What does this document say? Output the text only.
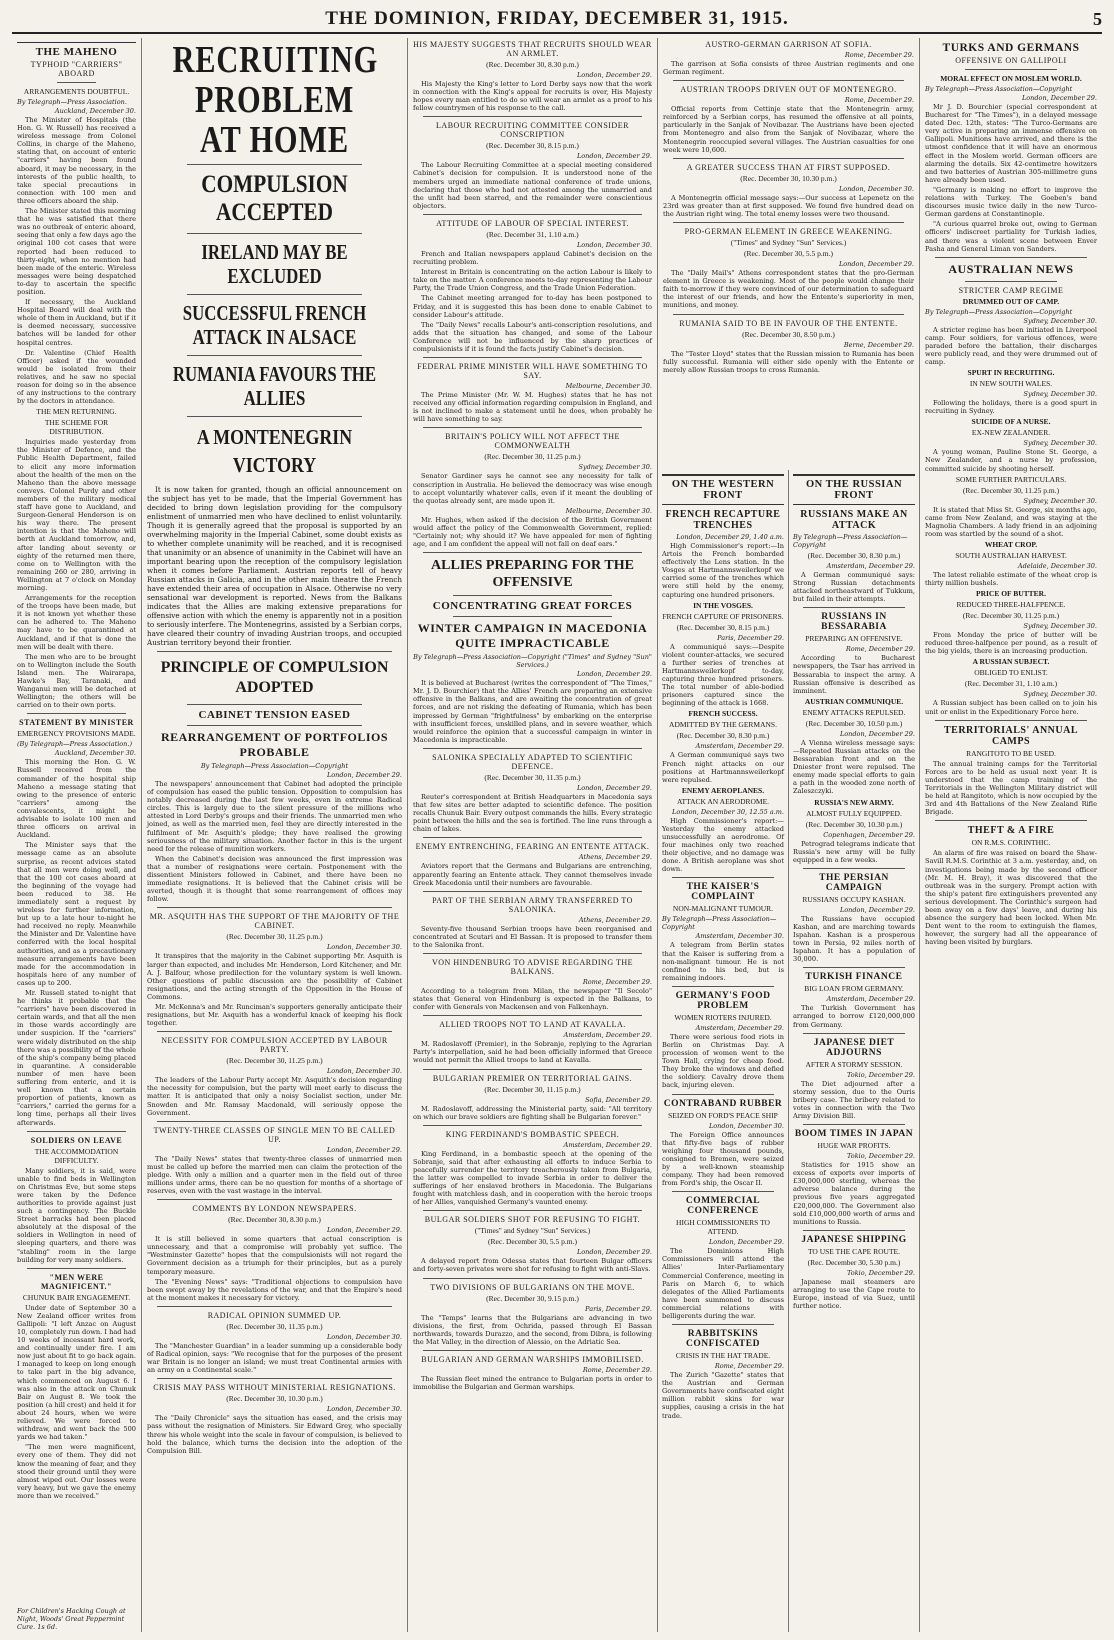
THE DOMINION, FRIDAY, DECEMBER 31, 1915.	5
THE MAHENO
TYPHOID "CARRIERS" ABOARD
ARRANGEMENTS DOUBTFUL.
By Telegraph—Press Association.
Auckland, December 30.

The Minister of Hospitals (the Hon. G. W. Russell) has received a wireless message from Colonel Collins, in charge of the Maheno, stating that, on account of enteric "carriers" having been found aboard, it may be necessary, in the interests of the public health, to take special precautions in connection with 100 men and three officers aboard the ship.

The Minister stated this morning that he was satisfied that there was no outbreak of enteric aboard, seeing that only a few days ago the original 100 cot cases that were reported had been reduced to thirty-eight, when no mention had been made of the enteric. Wireless messages were being despatched to-day to ascertain the specific position.

If necessary, the Auckland Hospital Board will deal with the whole of them in Auckland, but if it is deemed necessary, successive batches will be landed for other hospital centres.

Dr. Valentine (Chief Health Officer) asked if the wounded would be isolated from their relatives, and he saw no special reason for doing so in the absence of any instructions to the contrary by the doctors in attendance.

THE MEN RETURNING.
THE SCHEME FOR DISTRIBUTION.

Inquiries made yesterday from the Minister of Defence, and the Public Health Department, failed to elicit any more information about the health of the men on the Maheno than the above message conveys. Colonel Purdy and other members of the military medical staff have gone to Auckland, and Surgeon-General Henderson is on his way there. The present intention is that the Maheno will berth at Auckland tomorrow, and, after landing about seventy or eighty of the returned men there, come on to Wellington with the remaining 260 or 280, arriving in Wellington at 7 o'clock on Monday morning.

Arrangements for the reception of the troops have been made, but it is not known yet whether these can be adhered to. The Maheno may have to be quarantined at Auckland, and if that is done the men will be dealt with there.

The men who are to be brought on to Wellington include the South Island men. The Wairarapa, Hawke's Bay, Taranaki, and Wanganui men will be detached at Wellington; the others will be carried on to their own ports.

STATEMENT BY MINISTER
EMERGENCY PROVISIONS MADE.
(By Telegraph—Press Association.)
Auckland, December 30.

This morning the Hon. G. W. Russell received from the commander of the hospital ship Maheno a message stating that owing to the presence of enteric "carriers" among the convalescents, it might be advisable to isolate 100 men and three officers on arrival in Auckland.

The Minister says that the message came as an absolute surprise, as recent advices stated that all men were doing well, and that the 100 cot cases aboard at the beginning of the voyage had been reduced to 38. He immediately sent a request by wireless for further information, but up to a late hour to-night he had received no reply. Meanwhile the Minister and Dr. Valentine have conferred with the local hospital authorities, and as a precautionary measure arrangements have been made for the accommodation in hospitals here of any number of cases up to 200.

Mr. Russell stated to-night that he thinks it probable that the "carriers" have been discovered in certain wards, and that all the men in those wards accordingly are under suspicion. If the "carriers" were widely distributed on the ship there was a possibility of the whole of the ship's company being placed in quarantine. A considerable number of men have been suffering from enteric, and it is well known that a certain proportion of patients, known as "carriers," carried the germs for a long time, perhaps all their lives afterwards.

SOLDIERS ON LEAVE
THE ACCOMMODATION DIFFICULTY.

Many soldiers, it is said, were unable to find beds in Wellington on Christmas Eve, but some steps were taken by the Defence authorities to provide against just such a contingency. The Buckle Street barracks had been placed absolutely at the disposal of the soldiers in Wellington in need of sleeping quarters, and there was "stabling" room in the large building for very many soldiers.

"MEN WERE MAGNIFICENT."
CHUNUK BAIR ENGAGEMENT.

Under date of September 30 a New Zealand officer writes from Gallipoli: "I left Anzac on August 10, completely run down. I had had 10 weeks of incessant hard work, and continually under fire. I am now just about fit to go back again. I managed to keep on long enough to take part in the big advance, which commenced on August 6. I was also in the attack on Chunuk Bair on August 8. We took the position (a hill crest) and held it for about 24 hours, when we were relieved. We were forced to withdraw, and went back the 500 yards we had taken."

"The men were magnificent, every one of them. They did not know the meaning of fear, and they stood their ground until they were almost wiped out. Our losses were very heavy, but we gave the enemy more than we received."

For Children's Hacking Cough at Night, Woods' Great Peppermint Cure. 1s 6d.
RECRUITING PROBLEM AT HOME
COMPULSION ACCEPTED
IRELAND MAY BE EXCLUDED
SUCCESSFUL FRENCH ATTACK IN ALSACE
RUMANIA FAVOURS THE ALLIES
A MONTENEGRIN VICTORY

It is now taken for granted, though an official announcement on the subject has yet to be made, that the Imperial Government has decided to bring down legislation providing for the compulsory enlistment of unmarried men who have declined to enlist voluntarily. Though it is generally agreed that the proposal is supported by an overwhelming majority in the Imperial Cabinet, some doubt exists as to whether complete unanimity will be reached, and it is recognised that unanimity or an absence of unanimity in the Cabinet will have an important bearing upon the reception of the compulsory legislation when it comes before Parliament. Austrian reports tell of heavy Russian attacks in Galicia, and in the other main theatre the French have extended their area of occupation in Alsace. Otherwise no very sensational war development is reported. News from the Balkans indicates that the Allies are making extensive preparations for offensive action with which the enemy is apparently not in a position to seriously interfere. The Montenegrins, assisted by a Serbian corps, have cleared their country of invading Austrian troops, and occupied Austrian territory beyond their frontier.

PRINCIPLE OF COMPULSION ADOPTED
CABINET TENSION EASED
REARRANGEMENT OF PORTFOLIOS PROBABLE
By Telegraph—Press Association—Copyright
London, December 29.

The newspapers' announcement that Cabinet had adopted the principle of compulsion has eased the public tension. Opposition to compulsion has notably decreased during the last few weeks, even in extreme Radical circles. This is largely due to the silent pressure of the millions who attested in Lord Derby's groups and their friends. The unmarried men who joined, as well as the married men, feel they are directly interested in the fulfilment of Mr. Asquith's pledge; they have realised the growing seriousness of the military situation. Another factor in this is the urgent need for the release of munition workers.

When the Cabinet's decision was announced the first impression was that a number of resignations were certain. Postponement with the dissentient Ministers followed in Cabinet, and there have been no immediate resignations. It is believed that the Cabinet crisis will be averted, though it is thought that some rearrangement of offices may follow.

MR. ASQUITH HAS THE SUPPORT OF THE MAJORITY OF THE CABINET.
(Rec. December 30, 11.25 p.m.)
London, December 30.

It transpires that the majority in the Cabinet supporting Mr. Asquith is larger than expected, and includes Mr. Henderson, Lord Kitchener, and Mr. A. J. Balfour, whose predilection for the voluntary system is well known. Other questions of public discussion are the possibility of Cabinet resignations, and the acting strength of the Opposition in the House of Commons.

Mr. McKenna's and Mr. Runciman's supporters generally anticipate their resignations, but Mr. Asquith has a wonderful knack of keeping his flock together.

NECESSITY FOR COMPULSION ACCEPTED BY LABOUR PARTY.
(Rec. December 30, 11.25 p.m.)
London, December 30.

The leaders of the Labour Party accept Mr. Asquith's decision regarding the necessity for compulsion, but the party will meet early to discuss the matter. It is anticipated that only a noisy Socialist section, under Mr. Snowden and Mr. Ramsay Macdonald, will seriously oppose the Government.

TWENTY-THREE CLASSES OF SINGLE MEN TO BE CALLED UP.
London, December 29.

The "Daily News" states that twenty-three classes of unmarried men must be called up before the married men can claim the protection of the pledge. With only a million and a quarter men in the field out of three millions under arms, there can be no question for months of a shortage of reserves, even with the vast wastage in the interval.

COMMENTS BY LONDON NEWSPAPERS.
(Rec. December 30, 8.30 p.m.)
London, December 29.

It is still believed in some quarters that actual conscription is unnecessary, and that a compromise will probably yet suffice. The "Westminster Gazette" hopes that the compulsionists will not regard the Government decision as a triumph for their principles, but as a purely temporary measure.

The "Evening News" says: "Traditional objections to compulsion have been swept away by the revelations of the war, and that the Empire's need at the moment makes it necessary for victory.

RADICAL OPINION SUMMED UP.
(Rec. December 30, 11.35 p.m.)
London, December 30.

The "Manchester Guardian" in a leader summing up a considerable body of Radical opinion, says: "We recognise that for the purposes of the present war Britain is no longer an island; we must treat Continental armies with an army on a Continental scale."

CRISIS MAY PASS WITHOUT MINISTERIAL RESIGNATIONS.
(Rec. December 30, 10.30 p.m.)
London, December 30.

The "Daily Chronicle" says the situation has eased, and the crisis may pass without the resignation of Ministers. Sir Edward Grey, who specially threw his whole weight into the scale in favour of compulsion, is believed to hold the balance, which turns the decision into the adoption of the Compulsion Bill.

HIS MAJESTY SUGGESTS THAT RECRUITS SHOULD WEAR AN ARMLET.
(Rec. December 30, 8.30 p.m.)
London, December 29.

His Majesty the King's letter to Lord Derby says now that the work in connection with the King's appeal for recruits is over, His Majesty hopes every man entitled to do so will wear an armlet as a proof to his fellow countrymen of his response to the call.

LABOUR RECRUITING COMMITTEE CONSIDER CONSCRIPTION
(Rec. December 30, 8.15 p.m.)
London, December 29.

The Labour Recruiting Committee at a special meeting considered Cabinet's decision for compulsion. It is understood none of the members urged an immediate national conference of trade unions, declaring that those who had not attested among the unmarried and the unfit had been starred, and the remainder were conscientious objectors.

ATTITUDE OF LABOUR OF SPECIAL INTEREST.
(Rec. December 31, 1.10 a.m.)
London, December 30.

French and Italian newspapers applaud Cabinet's decision on the recruiting problem.

Interest in Britain is concentrating on the action Labour is likely to take on the matter. A conference meets to-day representing the Labour Party, the Trade Union Congress, and the Trade Union Federation.

The Cabinet meeting arranged for to-day has been postponed to Friday, and it is suggested this has been done to enable Cabinet to consider Labour's attitude.

The "Daily News" recalls Labour's anti-conscription resolutions, and adds that the situation has changed, and some of the Labour Conference will not be influenced by the sharp practices of compulsionists if it is found the facts justify Cabinet's decision.

FEDERAL PRIME MINISTER WILL HAVE SOMETHING TO SAY.
Melbourne, December 30.

The Prime Minister (Mr. W. M. Hughes) states that he has not received any official information regarding compulsion in England, and is not inclined to make a statement until he does, when probably he will have something to say.

BRITAIN'S POLICY WILL NOT AFFECT THE COMMONWEALTH
(Rec. December 30, 11.25 p.m.)
Sydney, December 30.

Senator Gardiner says he cannot see any necessity for talk of conscription in Australia. He believed the democracy was wise enough to accept voluntarily whatever calls, even if it meant the doubling of the quotas already sent, are made upon it.

Melbourne, December 30.

Mr. Hughes, when asked if the decision of the British Government would affect the policy of the Commonwealth Government, replied: "Certainly not; why should it? We have appealed for men of fighting age, and I am confident the appeal will not fall on deaf ears."

ALLIES PREPARING FOR THE OFFENSIVE
CONCENTRATING GREAT FORCES
WINTER CAMPAIGN IN MACEDONIA QUITE IMPRACTICABLE
By Telegraph—Press Association—Copyright ("Times" and Sydney "Sun" Services.)
London, December 29.

It is believed at Bucharest (writes the correspondent of "The Times," Mr. J. D. Bourchier) that the Allies' French are preparing an extensive offensive in the Balkans, and are awaiting the concentration of great forces, and are not risking the defeating of Rumania, which has been impressed by German "frightfulness" by embarking on the enterprise with insufficient forces, unskilled plans, and in severe weather, which would reinforce the opinion that a successful campaign in winter in Macedonia is impracticable.

SALONIKA SPECIALLY ADAPTED TO SCIENTIFIC DEFENCE.
(Rec. December 30, 11.35 p.m.)
London, December 29.

Reuter's correspondent at British Headquarters in Macedonia says that few sites are better adapted to scientific defence. The position recalls Chunuk Bair. Every outpost commands the hills. Every strategic point between the hills and the sea is fortified. The line runs through a chain of lakes.

ENEMY ENTRENCHING, FEARING AN ENTENTE ATTACK.
Athens, December 29.

Aviators report that the Germans and Bulgarians are entrenching, apparently fearing an Entente attack. They cannot themselves invade Greek Macedonia until their numbers are favourable.

PART OF THE SERBIAN ARMY TRANSFERRED TO SALONIKA.
Athens, December 29.

Seventy-five thousand Serbian troops have been reorganised and concentrated at Scutari and El Bassan. It is proposed to transfer them to the Salonika front.

VON HINDENBURG TO ADVISE REGARDING THE BALKANS.
Rome, December 29.

According to a telegram from Milan, the newspaper "Il Secolo" states that General von Hindenburg is expected in the Balkans, to confer with Generals von Mackensen and von Falkenhayn.

ALLIED TROOPS NOT TO LAND AT KAVALLA.
Amsterdam, December 29.

M. Radoslavoff (Premier), in the Sobranje, replying to the Agrarian Party's interpellation, said he had been officially informed that Greece would not permit the Allied troops to land at Kavalla.

BULGARIAN PREMIER ON TERRITORIAL GAINS.
(Rec. December 30, 11.15 p.m.)
Sofia, December 29.

M. Radoslavoff, addressing the Ministerial party, said: "All territory on which our brave soldiers are fighting shall be Bulgarian forever."

KING FERDINAND'S BOMBASTIC SPEECH.
Amsterdam, December 29.

King Ferdinand, in a bombastic speech at the opening of the Sobranje, said that after exhausting all efforts to induce Serbia to peacefully surrender the territory treacherously taken from Bulgaria, the latter was compelled to invade Serbia in order to deliver the sufferings of her enslaved brothers in Macedonia. The Bulgarians fought with matchless dash, and in cooperation with the heroic troops of her Allies, vanquished Germany's vaunted enemy.

BULGAR SOLDIERS SHOT FOR REFUSING TO FIGHT.
("Times" and Sydney "Sun" Services.)
(Rec. December 30, 5.5 p.m.)
London, December 29.

A delayed report from Odessa states that fourteen Bulgar officers and forty-seven privates were shot for refusing to fight with anti-Slavs.

TWO DIVISIONS OF BULGARIANS ON THE MOVE.
(Rec. December 30, 9.15 p.m.)
Paris, December 29.

The "Temps" learns that the Bulgarians are advancing in two divisions, the first, from Ochrida, passed through El Bassan northwards, towards Durazzo, and the second, from Dibra, is following the Mat Valley, in the direction of Alessio, on the Adriatic Sea.

BULGARIAN AND GERMAN WARSHIPS IMMOBILISED.
Rome, December 29.

The Russian fleet mined the entrance to Bulgarian ports in order to immobilise the Bulgarian and German warships.

AUSTRO-GERMAN GARRISON AT SOFIA.
Rome, December 29.

The garrison at Sofia consists of three Austrian regiments and one German regiment.

AUSTRIAN TROOPS DRIVEN OUT OF MONTENEGRO.
Rome, December 29.

Official reports from Cettinje state that the Montenegrin army, reinforced by a Serbian corps, has resumed the offensive at all points, particularly in the Sanjak of Novibazar. The Austrians have been ejected from Montenegro and also from the Sanjak of Novibazar, where the Montenegrin reoccupied several villages. The Austrian casualties for one week were 10,600.

A GREATER SUCCESS THAN AT FIRST SUPPOSED.
(Rec. December 30, 10.30 p.m.)
London, December 30.

A Montenegrin official message says:—Our success at Lepenetz on the 23rd was greater than at first supposed. We found five hundred dead on the Austrian right wing. The total enemy losses were two thousand.

PRO-GERMAN ELEMENT IN GREECE WEAKENING.
("Times" and Sydney "Sun" Services.)
(Rec. December 30, 5.5 p.m.)
London, December 29.

The "Daily Mail's" Athens correspondent states that the pro-German element in Greece is weakening. Most of the people would change their faith to-morrow if they were convinced of our determination to safeguard the interest of our friends, and how the Entente's superiority in men, munitions, and money.

RUMANIA SAID TO BE IN FAVOUR OF THE ENTENTE.
(Rec. December 30, 8.50 p.m.)
Berne, December 29.

The "Tester Lloyd" states that the Russian mission to Rumania has been fully successful. Rumania will either side openly with the Entente or merely allow Russian troops to cross Rumania.

ON THE WESTERN FRONT
FRENCH RECAPTURE TRENCHES
London, December 29, 1.40 a.m.

High Commissioner's report:—In Artois the French bombarded effectively the Lens station. In the Vosges at Hartmannsweilerkopf we carried some of the trenches which were still held by the enemy, capturing one hundred prisoners.

IN THE VOSGES.
FRENCH CAPTURE OF PRISONERS.
(Rec. December 30, 8.15 p.m.)
Paris, December 29.

A communiqué says:—Despite violent counter-attacks, we secured a further series of trenches at Hartmannsweilerkopf to-day, capturing three hundred prisoners. The total number of able-bodied prisoners captured since the beginning of the attack is 1668.

FRENCH SUCCESS.
ADMITTED BY THE GERMANS.
(Rec. December 30, 8.30 p.m.)
Amsterdam, December 29.

A German communiqué says two French night attacks on our positions at Hartmannsweilerkopf were repulsed.

ENEMY AEROPLANES.
ATTACK AN AERODROME.
London, December 30, 12.55 a.m.

High Commissioner's report:—Yesterday the enemy attacked unsuccessfully an aerodrome. Of four machines only two reached their objective, and no damage was done. A British aeroplane was shot down.

THE KAISER'S COMPLAINT
NON-MALIGNANT TUMOUR.
By Telegraph—Press Association—Copyright
Amsterdam, December 30.

A telegram from Berlin states that the Kaiser is suffering from a non-malignant tumour. He is not confined to his bed, but is remaining indoors.

GERMANY'S FOOD PROBLEM
WOMEN RIOTERS INJURED.
Amsterdam, December 29.

There were serious food riots in Berlin on Christmas Day. A procession of women went to the Town Hall, crying for cheap food. They broke the windows and defied the soldiery. Cavalry drove them back, injuring eleven.

CONTRABAND RUBBER
SEIZED ON FORD'S PEACE SHIP
London, December 30.

The Foreign Office announces that fifty-five bags of rubber weighing four thousand pounds, consigned to Bremen, were seized by a well-known steamship company. They had been removed from Ford's ship, the Oscar II.

COMMERCIAL CONFERENCE
HIGH COMMISSIONERS TO ATTEND.
London, December 29.

The Dominions High Commissioners will attend the Allies' Inter-Parliamentary Commercial Conference, meeting in Paris on March 6, to which delegates of the Allied Parliaments have been summoned to discuss commercial relations with belligerents during the war.

RABBITSKINS CONFISCATED
CRISIS IN THE HAT TRADE.
Rome, December 29.

The Zurich "Gazette" states that the Austrian and German Governments have confiscated eight million rabbit skins for war supplies, causing a crisis in the hat trade.

ON THE RUSSIAN FRONT
RUSSIANS MAKE AN ATTACK
By Telegraph—Press Association—Copyright
(Rec. December 30, 8.30 p.m.)
Amsterdam, December 29.

A German communiqué says: Strong Russian detachments attacked northeastward of Tukkum, but failed in their attempts.

RUSSIANS IN BESSARABIA
PREPARING AN OFFENSIVE.
Rome, December 29.

According to Bucharest newspapers, the Tsar has arrived in Bessarabia to inspect the army. A Russian offensive is described as imminent.

AUSTRIAN COMMUNIQUE.
ENEMY ATTACKS REPULSED.
(Rec. December 30, 10.50 p.m.)
London, December 29.

A Vienna wireless message says:—Repeated Russian attacks on the Bessarabian front and on the Dniester front were repulsed. The enemy made special efforts to gain a path in the wooded zone north of Zaleszczyki.

RUSSIA'S NEW ARMY.
ALMOST FULLY EQUIPPED.
(Rec. December 30, 10.30 p.m.)
Copenhagen, December 29.

Petrograd telegrams indicate that Russia's new army will be fully equipped in a few weeks.

THE PERSIAN CAMPAIGN
RUSSIANS OCCUPY KASHAN.
London, December 29.

The Russians have occupied Kashan, and are marching towards Ispahan. Kashan is a prosperous town in Persia, 92 miles north of Ispahan. It has a population of 30,000.

TURKISH FINANCE
BIG LOAN FROM GERMANY.
Amsterdam, December 29.

The Turkish Government has arranged to borrow £120,000,000 from Germany.

JAPANESE DIET ADJOURNS
AFTER A STORMY SESSION.
Tokio, December 29.

The Diet adjourned after a stormy session, due to the Ouris bribery case. The bribery related to votes in connection with the Two Army Division Bill.

BOOM TIMES IN JAPAN
HUGE WAR PROFITS.
Tokio, December 29.

Statistics for 1915 show an excess of exports over imports of £30,000,000 sterling, whereas the adverse balance during the previous five years aggregated £20,000,000. The Government also sold £10,000,000 worth of arms and munitions to Russia.

JAPANESE SHIPPING
TO USE THE CAPE ROUTE.
(Rec. December 30, 5.30 p.m.)
Tokio, December 29.

Japanese mail steamers are arranging to use the Cape route to Europe, instead of via Suez, until further notice.

TURKS AND GERMANS
OFFENSIVE ON GALLIPOLI
MORAL EFFECT ON MOSLEM WORLD.
By Telegraph—Press Association—Copyright
London, December 29.

Mr J. D. Bourchier (special correspondent at Bucharest for "The Times"), in a delayed message dated Dec. 12th, states: "The Turco-Germans are very active in preparing an immense offensive on Gallipoli. Munitions have arrived, and there is the utmost confidence that it will have an enormous effect in the Moslem world. German officers are alarming the details. Six 42-centimetre howitzers and two batteries of Austrian 305-millimetre guns have already been used.

"Germany is making no effort to improve the relations with Turkey. The Goeben's band discourses music twice daily in the new Turco-German gardens at Constantinople.

"A curious quarrel broke out, owing to German officers' indiscreet partiality for Turkish ladies, and there was a violent scene between Enver Pasha and General Liman von Sanders.

AUSTRALIAN NEWS
STRICTER CAMP REGIME
DRUMMED OUT OF CAMP.
By Telegraph—Press Association—Copyright
Sydney, December 30.

A stricter regime has been initiated in Liverpool camp. Four soldiers, for various offences, were paraded before the battalion, their discharges were publicly read, and they were drummed out of camp.

SPURT IN RECRUITING.
IN NEW SOUTH WALES.
Sydney, December 30.

Following the holidays, there is a good spurt in recruiting in Sydney.

SUICIDE OF A NURSE.
EX-NEW ZEALANDER.
Sydney, December 30.

A young woman, Pauline Stone St. George, a New Zealander, and a nurse by profession, committed suicide by shooting herself.

SOME FURTHER PARTICULARS.
(Rec. December 30, 11.25 p.m.)
Sydney, December 30.

It is stated that Miss St. George, six months ago, came from New Zealand, and was staying at the Magnolia Chambers. A lady friend in an adjoining room was startled by the sound of a shot.

WHEAT CROP.
SOUTH AUSTRALIAN HARVEST.
Adelaide, December 30.

The latest reliable estimate of the wheat crop is thirty million bushels.

PRICE OF BUTTER.
REDUCED THREE-HALFPENCE.
(Rec. December 30, 11.25 p.m.)
Sydney, December 30.

From Monday the price of butter will be reduced three-halfpence per pound, as a result of the big yields, there is an increasing production.

A RUSSIAN SUBJECT.
OBLIGED TO ENLIST.
(Rec. December 31, 1.10 a.m.)
Sydney, December 30.

A Russian subject has been called on to join his unit or enlist in the Expeditionary Force here.

TERRITORIALS' ANNUAL CAMPS
RANGITOTO TO BE USED.

The annual training camps for the Territorial Forces are to be held as usual next year. It is understood that the camp training of the Territorials in the Wellington Military district will be held at Rangitoto, which is now occupied by the 3rd and 4th Battalions of the New Zealand Rifle Brigade.

THEFT & A FIRE
ON R.M.S. CORINTHIC.

An alarm of fire was raised on board the Shaw-Savill R.M.S. Corinthic at 3 a.m. yesterday, and, on investigations being made by the second officer (Mr. M. H. Bray), it was discovered that the outbreak was in the surgery. Prompt action with the ship's patent fire extinguishers prevented any serious development. The Corinthic's surgeon had been away on a few days' leave, and during his absence the surgery had been locked. When Mr. Dent went to the room to extinguish the flames, however, the surgery had all the appearance of having been visited by burglars.
